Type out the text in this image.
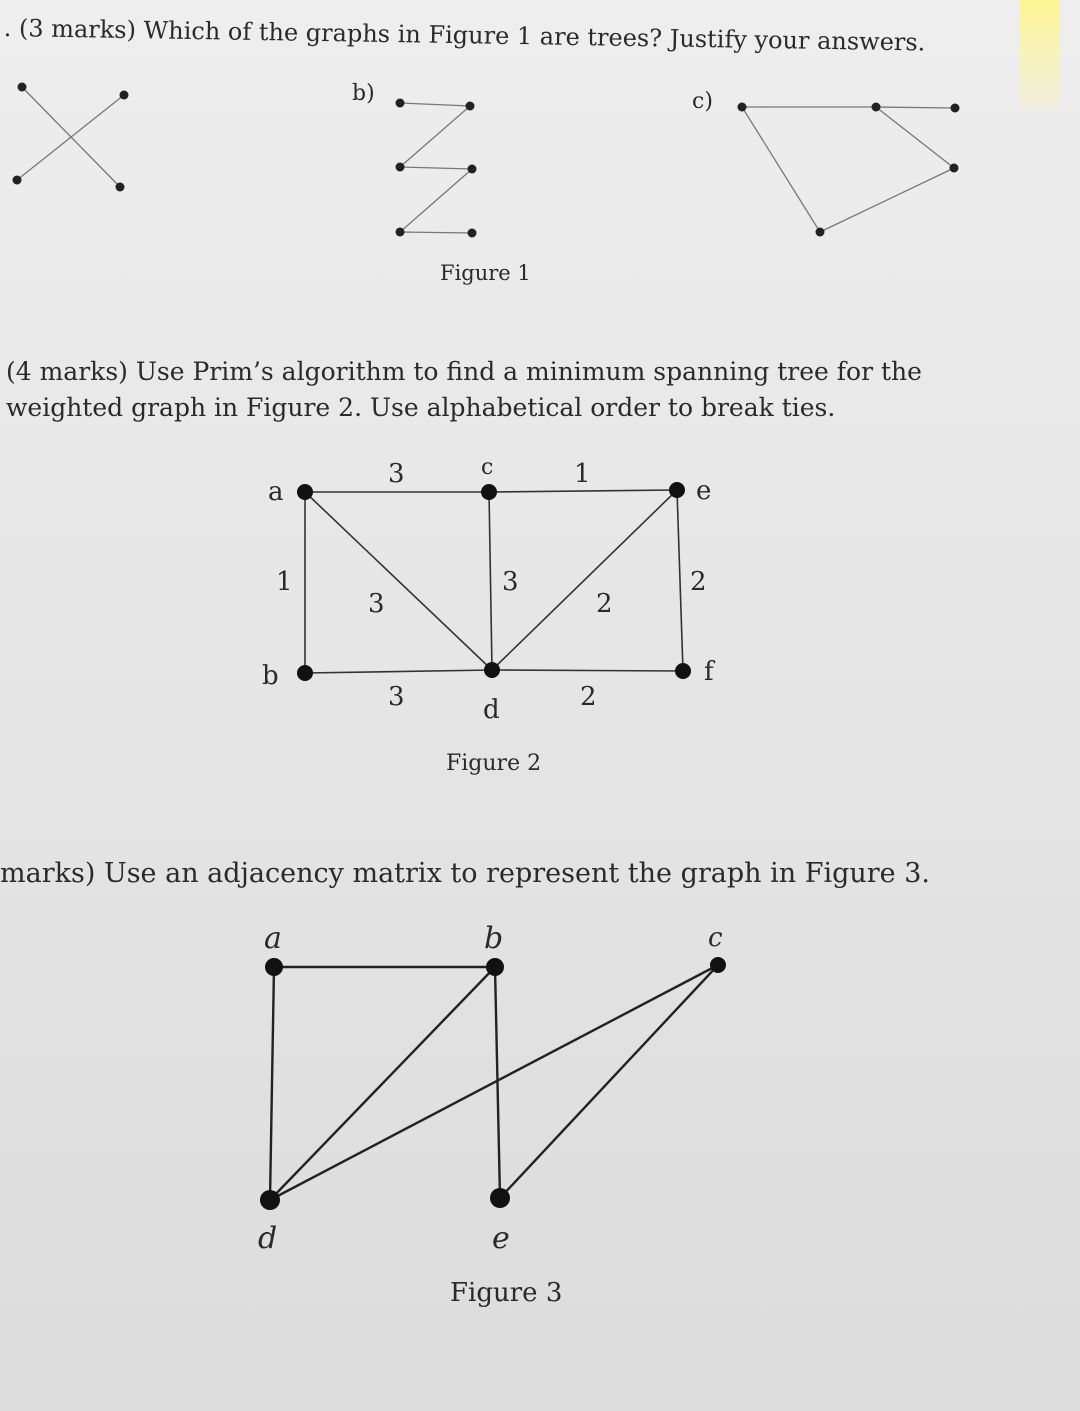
. (3 marks) Which of the graphs in Figure 1 are trees? Justify your answers.

b)	c)
Figure 1
a
b
c
d
e
f
3	1
1
3
3
2
2
3	2
Figure 2
a	b	c
d	e
Figure 3

(4 marks) Use Prim’s algorithm to find a minimum spanning tree for the weighted graph in Figure 2. Use alphabetical order to break ties.

marks) Use an adjacency matrix to represent the graph in Figure 3.
